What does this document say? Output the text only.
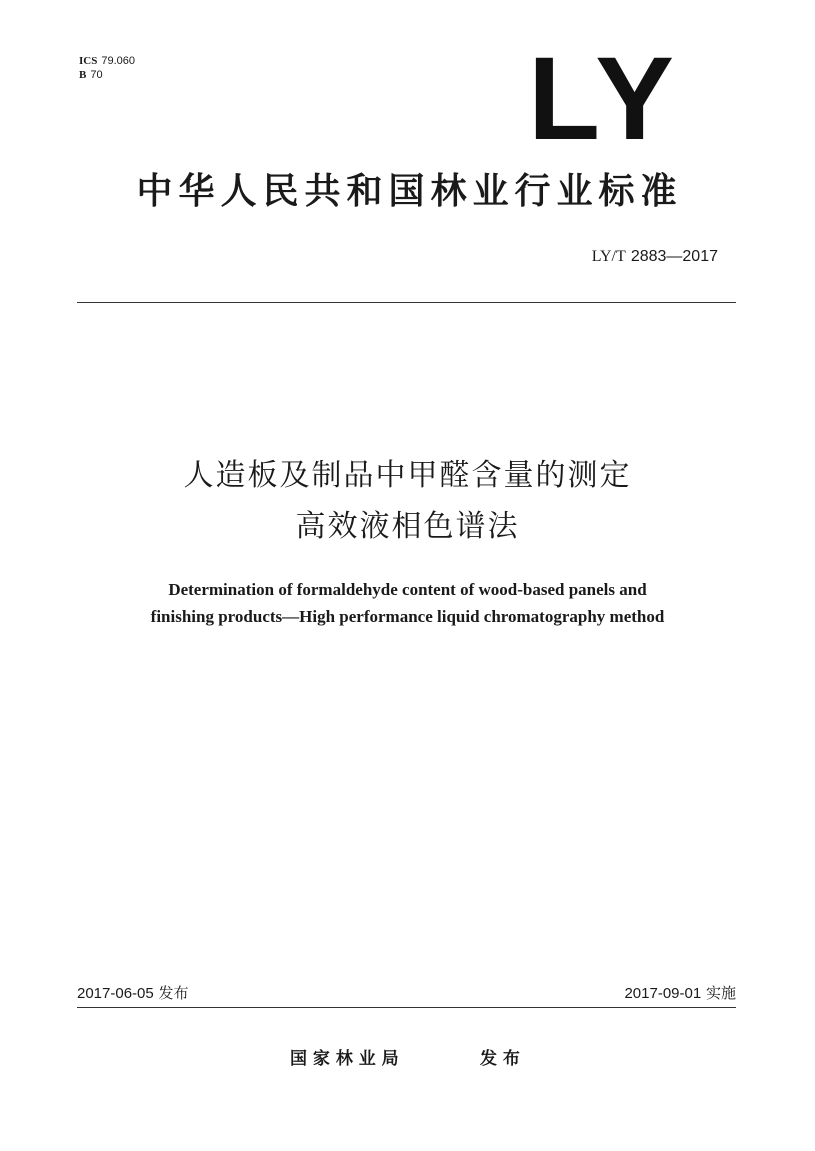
ICS 79.060
B 70	LY
中华人民共和国林业行业标准
LY/T 2883—2017
人造板及制品中甲醛含量的测定
高效液相色谱法
Determination of formaldehyde content of wood-based panels and
finishing products—High performance liquid chromatography method
2017-06-05 发布	2017-09-01 实施
国 家 林 业 局	发 布
